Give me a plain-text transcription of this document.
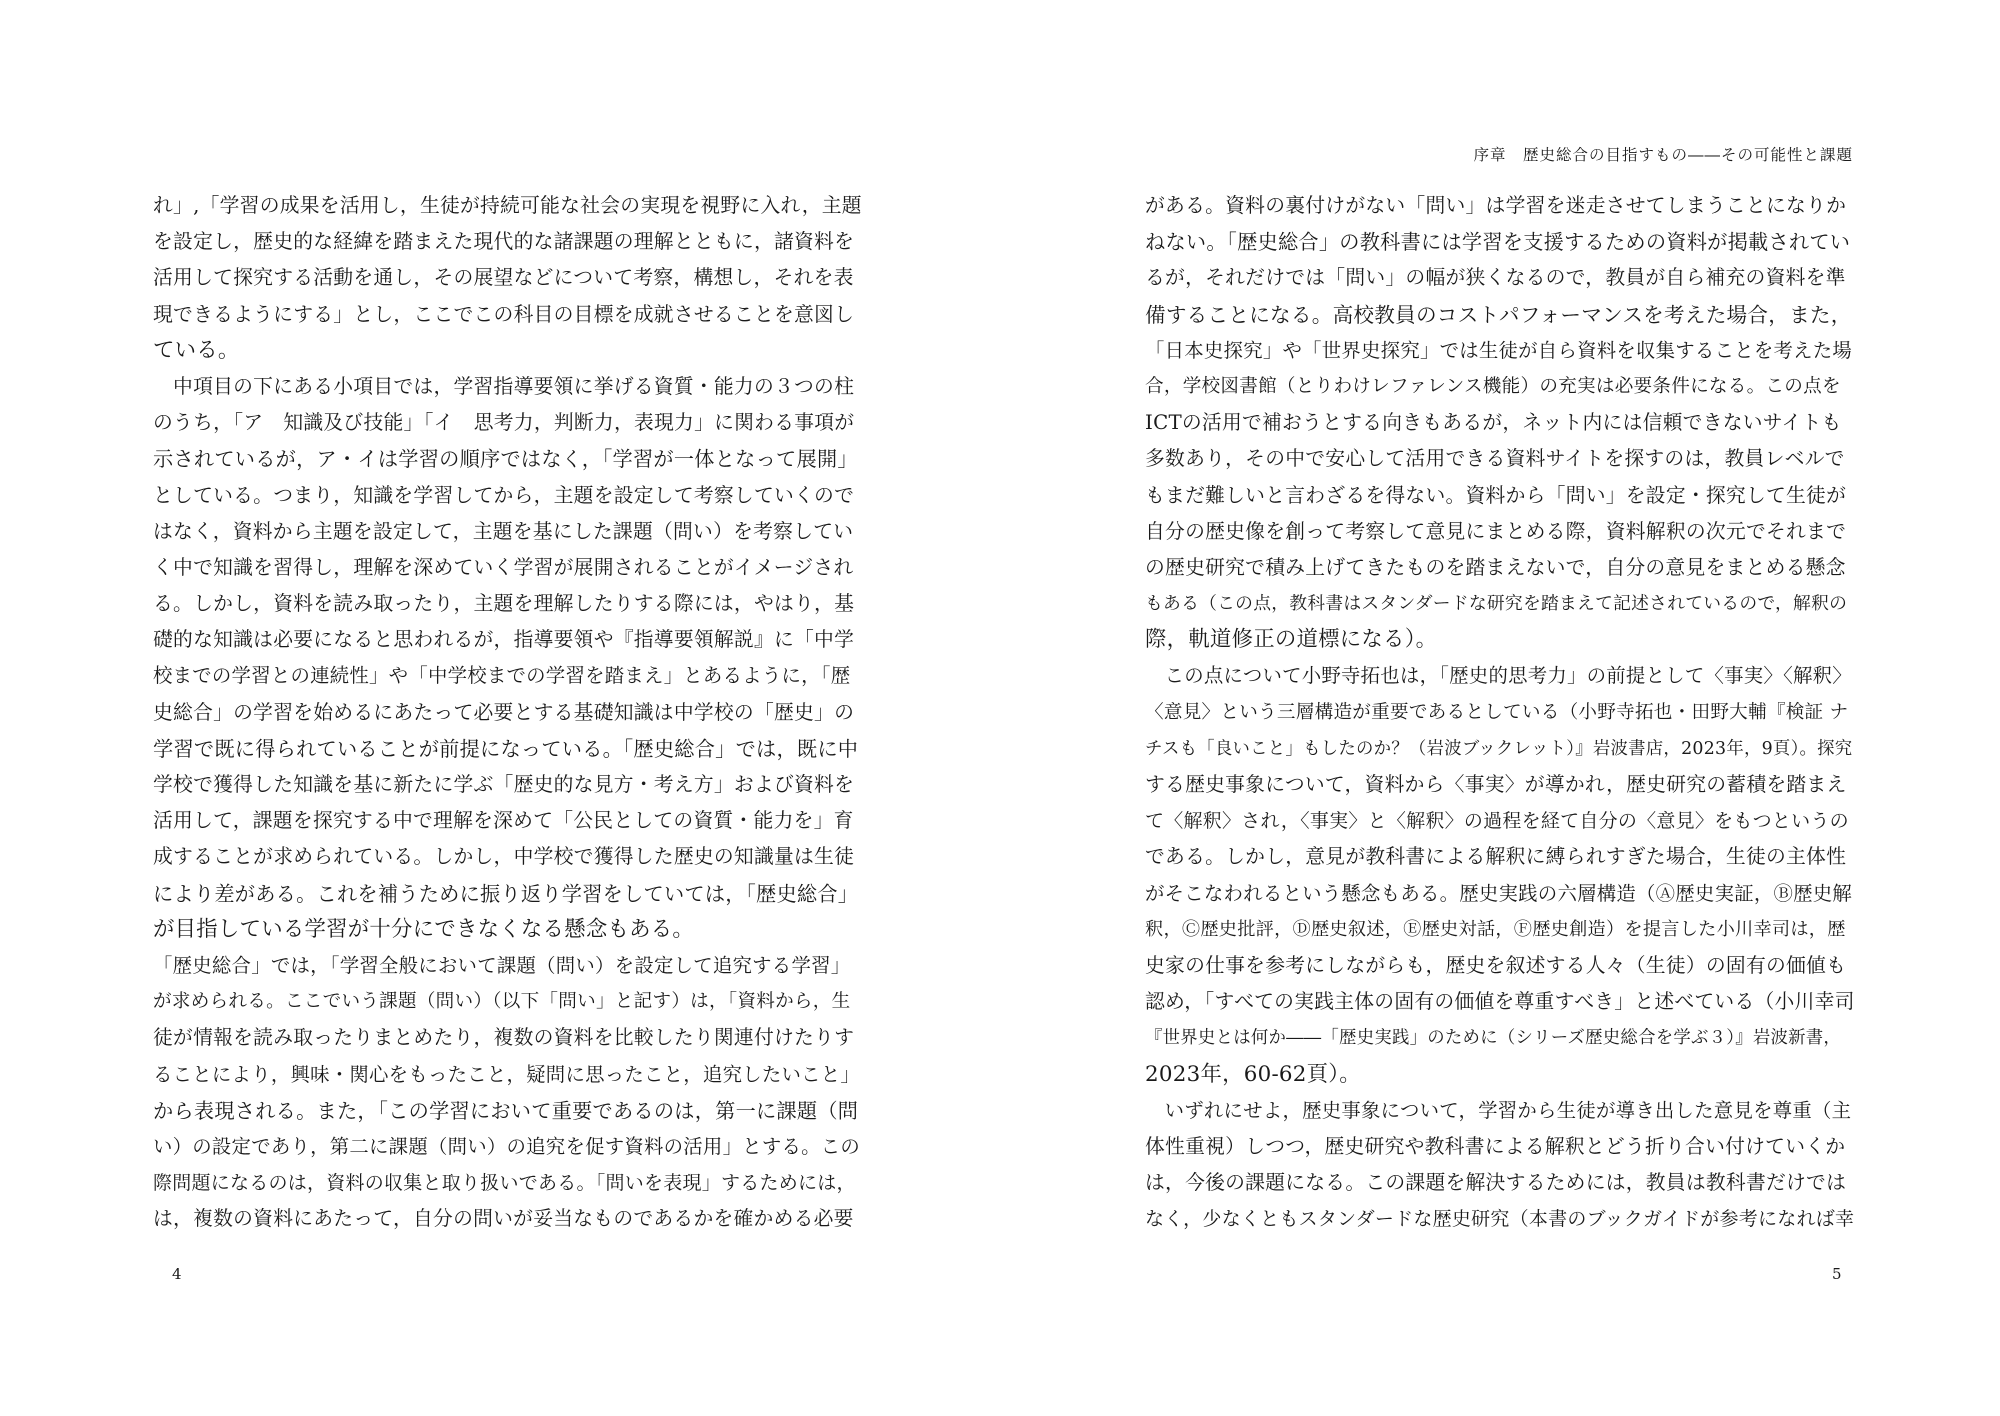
れ」,「学習の成果を活用し，生徒が持続可能な社会の実現を視野に入れ，主題
を設定し，歴史的な経緯を踏まえた現代的な諸課題の理解とともに，諸資料を
活用して探究する活動を通し，その展望などについて考察，構想し，それを表
現できるようにする」とし，ここでこの科目の目標を成就させることを意図し
ている。
　中項目の下にある小項目では，学習指導要領に挙げる資質・能力の３つの柱
のうち，「ア　知識及び技能」「イ　思考力，判断力，表現力」に関わる事項が
示されているが，ア・イは学習の順序ではなく，「学習が一体となって展開」
としている。つまり，知識を学習してから，主題を設定して考察していくので
はなく，資料から主題を設定して，主題を基にした課題（問い）を考察してい
く中で知識を習得し，理解を深めていく学習が展開されることがイメージされ
る。しかし，資料を読み取ったり，主題を理解したりする際には，やはり，基
礎的な知識は必要になると思われるが，指導要領や『指導要領解説』に「中学
校までの学習との連続性」や「中学校までの学習を踏まえ」とあるように，「歴
史総合」の学習を始めるにあたって必要とする基礎知識は中学校の「歴史」の
学習で既に得られていることが前提になっている。「歴史総合」では，既に中
学校で獲得した知識を基に新たに学ぶ「歴史的な見方・考え方」および資料を
活用して，課題を探究する中で理解を深めて「公民としての資質・能力を」育
成することが求められている。しかし，中学校で獲得した歴史の知識量は生徒
により差がある。これを補うために振り返り学習をしていては，「歴史総合」
が目指している学習が十分にできなくなる懸念もある。
「歴史総合」では，「学習全般において課題（問い）を設定して追究する学習」
が求められる。ここでいう課題（問い）（以下「問い」と記す）は，「資料から，生
徒が情報を読み取ったりまとめたり，複数の資料を比較したり関連付けたりす
ることにより，興味・関心をもったこと，疑問に思ったこと，追究したいこと」
から表現される。また，「この学習において重要であるのは，第一に課題（問
い）の設定であり，第二に課題（問い）の追究を促す資料の活用」とする。この
際問題になるのは，資料の収集と取り扱いである。「問いを表現」するためには，
は，複数の資料にあたって，自分の問いが妥当なものであるかを確かめる必要
4
序章　歴史総合の目指すもの――その可能性と課題
がある。資料の裏付けがない「問い」は学習を迷走させてしまうことになりか
ねない。「歴史総合」の教科書には学習を支援するための資料が掲載されてい
るが，それだけでは「問い」の幅が狭くなるので，教員が自ら補充の資料を準
備することになる。高校教員のコストパフォーマンスを考えた場合，また，
「日本史探究」や「世界史探究」では生徒が自ら資料を収集することを考えた場
合，学校図書館（とりわけレファレンス機能）の充実は必要条件になる。この点を
ICTの活用で補おうとする向きもあるが，ネット内には信頼できないサイトも
多数あり，その中で安心して活用できる資料サイトを探すのは，教員レベルで
もまだ難しいと言わざるを得ない。資料から「問い」を設定・探究して生徒が
自分の歴史像を創って考察して意見にまとめる際，資料解釈の次元でそれまで
の歴史研究で積み上げてきたものを踏まえないで，自分の意見をまとめる懸念
もある（この点，教科書はスタンダードな研究を踏まえて記述されているので，解釈の
際，軌道修正の道標になる）。
　この点について小野寺拓也は，「歴史的思考力」の前提として〈事実〉〈解釈〉
〈意見〉という三層構造が重要であるとしている（小野寺拓也・田野大輔『検証 ナ
チスも「良いこと」もしたのか？（岩波ブックレット）』岩波書店，2023年，9頁）。探究
する歴史事象について，資料から〈事実〉が導かれ，歴史研究の蓄積を踏まえ
て〈解釈〉され，〈事実〉と〈解釈〉の過程を経て自分の〈意見〉をもつというの
である。しかし，意見が教科書による解釈に縛られすぎた場合，生徒の主体性
がそこなわれるという懸念もある。歴史実践の六層構造（Ⓐ歴史実証，Ⓑ歴史解
釈，Ⓒ歴史批評，Ⓓ歴史叙述，Ⓔ歴史対話，Ⓕ歴史創造）を提言した小川幸司は，歴
史家の仕事を参考にしながらも，歴史を叙述する人々（生徒）の固有の価値も
認め，「すべての実践主体の固有の価値を尊重すべき」と述べている（小川幸司
『世界史とは何か――「歴史実践」のために（シリーズ歴史総合を学ぶ３）』岩波新書，
2023年，60-62頁）。
　いずれにせよ，歴史事象について，学習から生徒が導き出した意見を尊重（主
体性重視）しつつ，歴史研究や教科書による解釈とどう折り合い付けていくか
は，今後の課題になる。この課題を解決するためには，教員は教科書だけでは
なく，少なくともスタンダードな歴史研究（本書のブックガイドが参考になれば幸
5
